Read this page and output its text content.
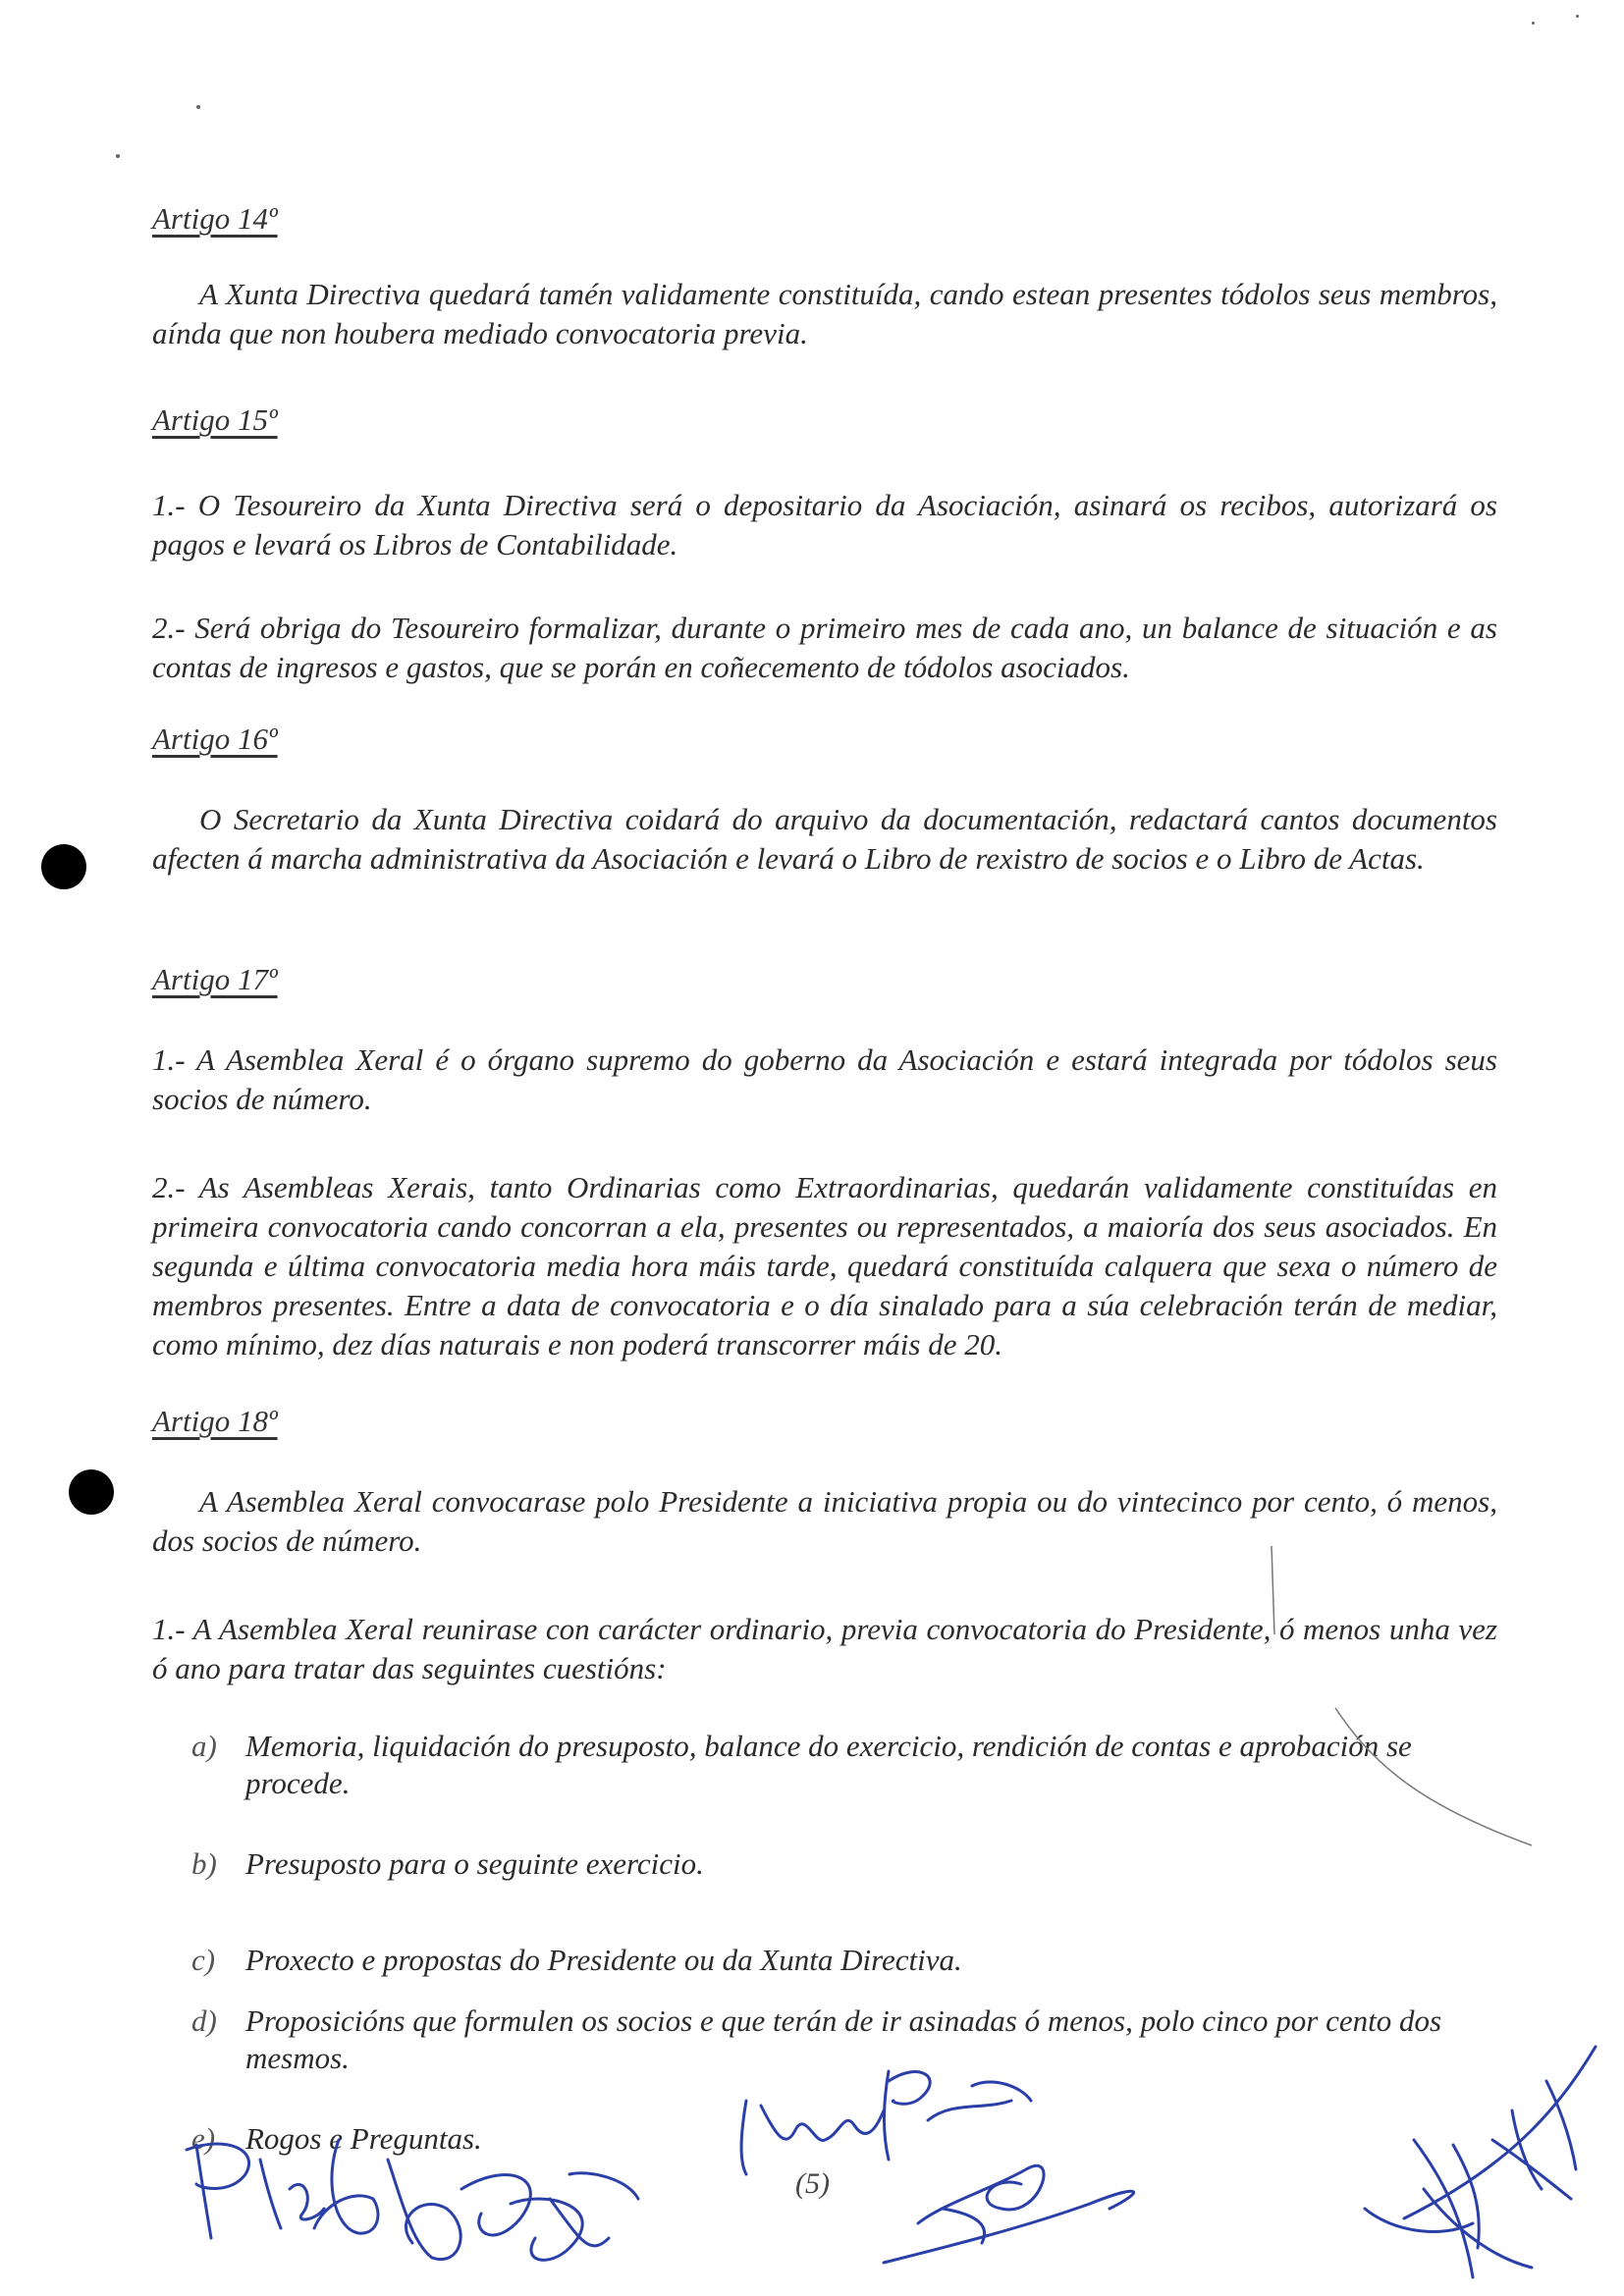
Artigo 14º
A Xunta Directiva quedará tamén validamente constituída, cando estean presentes tódolos seus membros, aínda que non houbera mediado convocatoria previa.
Artigo 15º
1.- O Tesoureiro da Xunta Directiva será o depositario da Asociación, asinará os recibos, autorizará os pagos e levará os Libros de Contabilidade.
2.- Será obriga do Tesoureiro formalizar, durante o primeiro mes de cada ano, un balance de situación e as contas de ingresos e gastos, que se porán en coñecemento de tódolos asociados.
Artigo 16º
O Secretario da Xunta Directiva coidará do arquivo da documentación, redactará cantos documentos afecten á marcha administrativa da Asociación e levará o Libro de rexistro de socios e o Libro de Actas.
Artigo 17º
1.- A Asemblea Xeral é o órgano supremo do goberno da Asociación e estará integrada por tódolos seus socios de número.
2.- As Asembleas Xerais, tanto Ordinarias como Extraordinarias, quedarán validamente constituídas en primeira convocatoria cando concorran a ela, presentes ou representados, a maioría dos seus asociados. En segunda e última convocatoria media hora máis tarde, quedará constituída calquera que sexa o número de membros presentes. Entre a data de convocatoria e o día sinalado para a súa celebración terán de mediar, como mínimo, dez días naturais e non poderá transcorrer máis de 20.
Artigo 18º
A Asemblea Xeral convocarase polo Presidente a iniciativa propia ou do vintecinco por cento, ó menos, dos socios de número.
1.- A Asemblea Xeral reunirase con carácter ordinario, previa convocatoria do Presidente, ó menos unha vez ó ano para tratar das seguintes cuestións:
a) Memoria, liquidación do presuposto, balance do exercicio, rendición de contas e aprobación se procede.
b) Presuposto para o seguinte exercicio.
c) Proxecto e propostas do Presidente ou da Xunta Directiva.
d) Proposicións que formulen os socios e que terán de ir asinadas ó menos, polo cinco por cento dos mesmos.
e) Rogos e Preguntas.
(5)
